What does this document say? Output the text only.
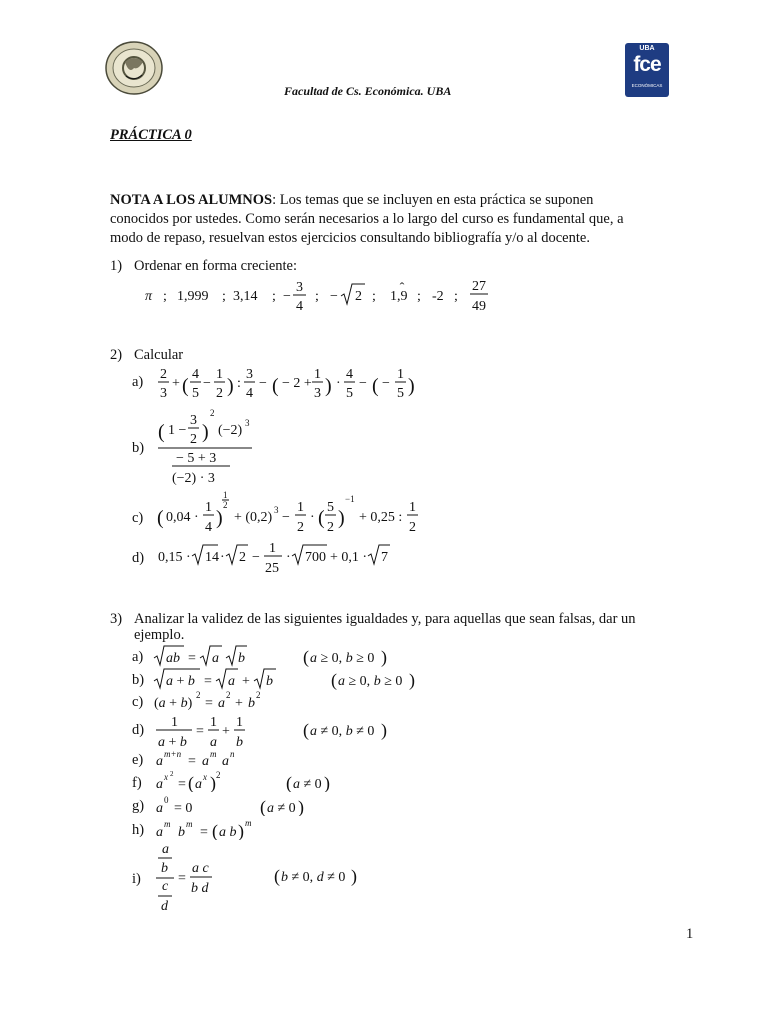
UBA
fce
ECONÓMICAS
Facultad de Cs. Económica. UBA
PRÁCTICA 0
NOTA A LOS ALUMNOS: Los temas que se incluyen en esta práctica se suponen
conocidos por ustedes. Como serán necesarios a lo largo del curso es fundamental que, a
modo de repaso, resuelvan estos ejercicios consultando bibliografía y/o al docente.
1) Ordenar en forma creciente:
π ; 1,999 ; 3,14 ; −
3
4
; − 2 ; 1,9 ; -2 ;
27
49
2) Calcular
a) 2
3
+ (
4
5
−
1
2 ) :
3
4
− ( − 2 +
1
3 ) ·
4
5
− ( −
1
5 )
b)
( 1 −
3
2 )
2
(−2) 3
− 5 + 3
(−2) · 3
c) ( 0,04 ·
1
4 )
1
2
+ (0,2) 3 −
1
2
· ( 5
2 )
−1
+ 0,25 :
1
2
d) 0,15 · 14 · 2 −
1
25
· 700 + 0,1 · 7
3) Analizar la validez de las siguientes igualdades y, para aquellas que sean falsas, dar un
ejemplo.
a) ab = a b	( a ≥ 0, b ≥ 0 )
b) a + b = a + b	( a ≥ 0, b ≥ 0 )
c) (a + b)
2
= a
2
+ b
2
d) 1
a + b
=
1
a
+
1
b
( a ≠ 0, b ≠ 0 )
e) a m+n = a m a n
f) a x 2
= ( a x ) 2	( a ≠ 0 )
g) a
0
= 0	( a ≠ 0 )
h) a
m
b
m
= ( a b ) m
i)
a
b
c
d
=
a c
b d
( b ≠ 0, d ≠ 0 )
1
